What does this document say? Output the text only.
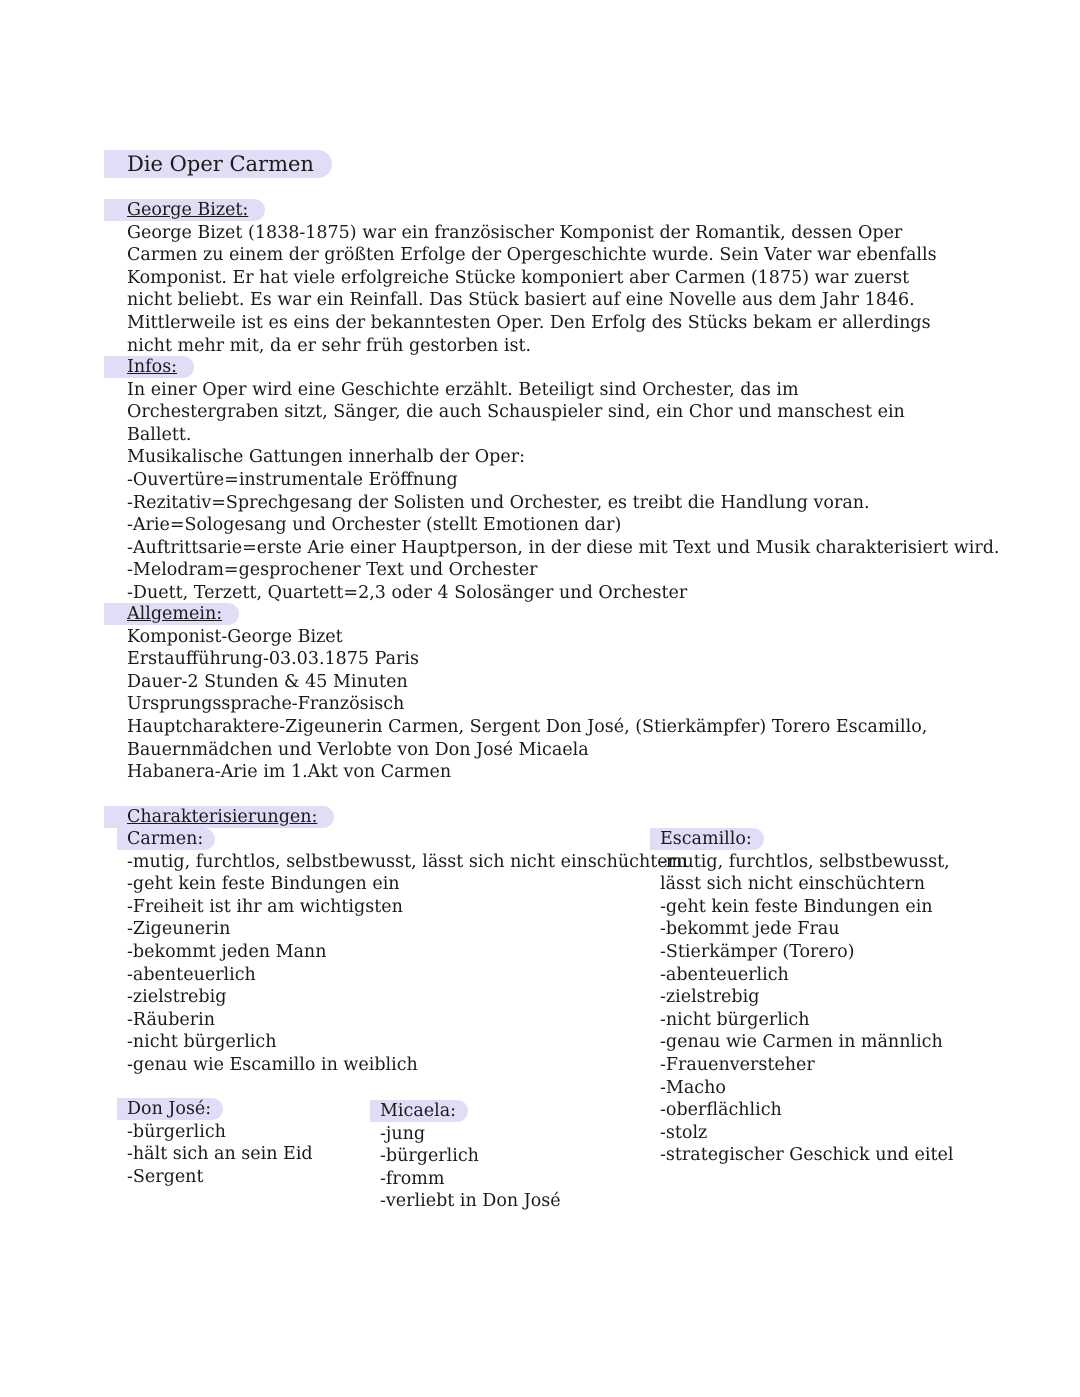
Die Oper Carmen
George Bizet:

George Bizet (1838-1875) war ein französischer Komponist der Romantik, dessen Oper Carmen zu einem der größten Erfolge der Opergeschichte wurde. Sein Vater war ebenfalls Komponist. Er hat viele erfolgreiche Stücke komponiert aber Carmen (1875) war zuerst nicht beliebt. Es war ein Reinfall. Das Stück basiert auf eine Novelle aus dem Jahr 1846. Mittlerweile ist es eins der bekanntesten Oper. Den Erfolg des Stücks bekam er allerdings nicht mehr mit, da er sehr früh gestorben ist.

Infos:

In einer Oper wird eine Geschichte erzählt. Beteiligt sind Orchester, das im Orchestergraben sitzt, Sänger, die auch Schauspieler sind, ein Chor und manschest ein Ballett.

Musikalische Gattungen innerhalb der Oper:

-Ouvertüre=instrumentale Eröffnung
-Rezitativ=Sprechgesang der Solisten und Orchester, es treibt die Handlung voran.
-Arie=Sologesang und Orchester (stellt Emotionen dar)
-Auftrittsarie=erste Arie einer Hauptperson, in der diese mit Text und Musik charakterisiert wird.
-Melodram=gesprochener Text und Orchester
-Duett, Terzett, Quartett=2,3 oder 4 Solosänger und Orchester
Allgemein:
Komponist-George Bizet
Erstaufführung-03.03.1875 Paris
Dauer-2 Stunden & 45 Minuten
Ursprungssprache-Französisch
Hauptcharaktere-Zigeunerin Carmen, Sergent Don José, (Stierkämpfer) Torero Escamillo,
Bauernmädchen und Verlobte von Don José Micaela
Habanera-Arie im 1.Akt von Carmen
Charakterisierungen:
Carmen:
-mutig, furchtlos, selbstbewusst, lässt sich nicht einschüchtern
-geht kein feste Bindungen ein
-Freiheit ist ihr am wichtigsten
-Zigeunerin
-bekommt jeden Mann
-abenteuerlich
-zielstrebig
-Räuberin
-nicht bürgerlich
-genau wie Escamillo in weiblich
Escamillo:
-mutig, furchtlos, selbstbewusst,
lässt sich nicht einschüchtern
-geht kein feste Bindungen ein
-bekommt jede Frau
-Stierkämper (Torero)
-abenteuerlich
-zielstrebig
-nicht bürgerlich
-genau wie Carmen in männlich
-Frauenversteher
-Macho
-oberflächlich
-stolz
-strategischer Geschick und eitel
Don José:
-bürgerlich
-hält sich an sein Eid
-Sergent
Micaela:
-jung
-bürgerlich
-fromm
-verliebt in Don José
